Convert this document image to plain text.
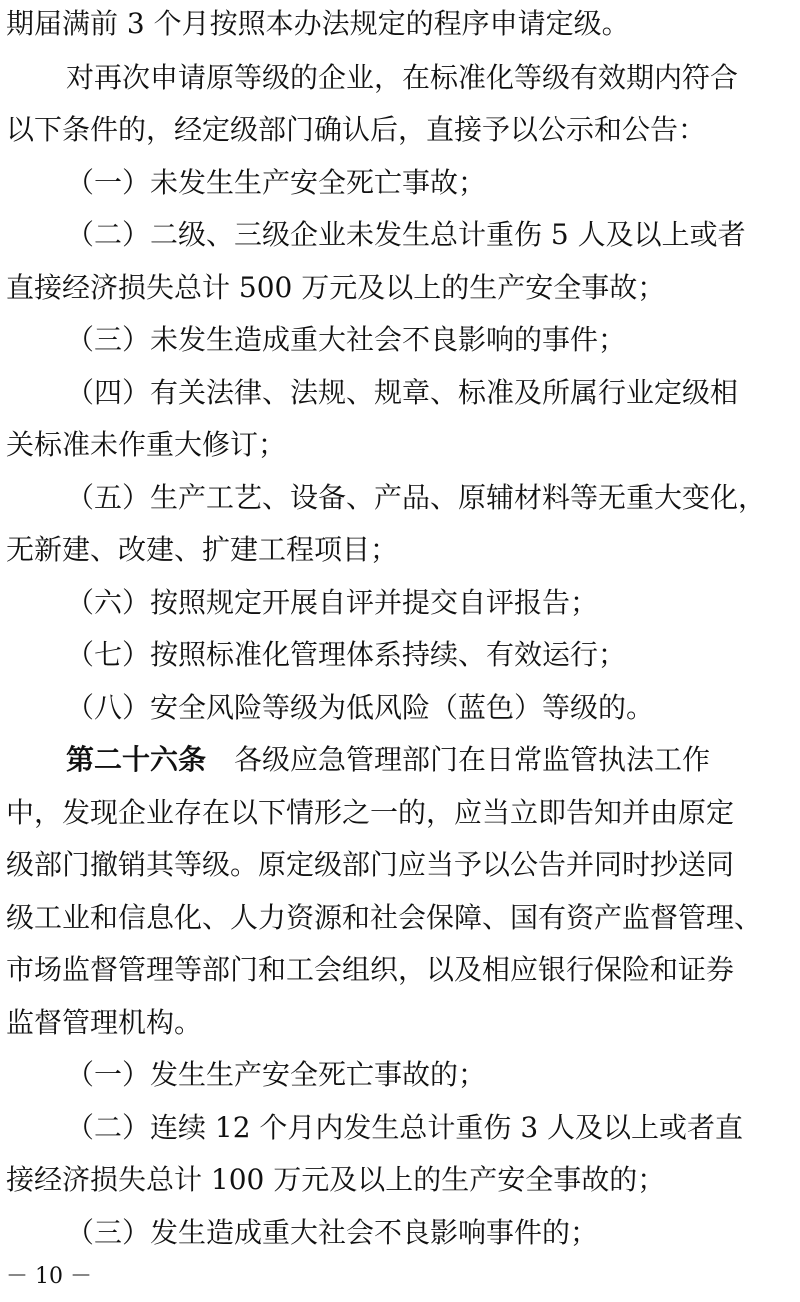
期届满前 3 个月按照本办法规定的程序申请定级。
对再次申请原等级的企业，在标准化等级有效期内符合
以下条件的，经定级部门确认后，直接予以公示和公告：
（一）未发生生产安全死亡事故；
（二）二级、三级企业未发生总计重伤 5 人及以上或者
直接经济损失总计 500 万元及以上的生产安全事故；
（三）未发生造成重大社会不良影响的事件；
（四）有关法律、法规、规章、标准及所属行业定级相
关标准未作重大修订；
（五）生产工艺、设备、产品、原辅材料等无重大变化，
无新建、改建、扩建工程项目；
（六）按照规定开展自评并提交自评报告；
（七）按照标准化管理体系持续、有效运行；
（八）安全风险等级为低风险（蓝色）等级的。
第二十六条 各级应急管理部门在日常监管执法工作
中，发现企业存在以下情形之一的，应当立即告知并由原定
级部门撤销其等级。原定级部门应当予以公告并同时抄送同
级工业和信息化、人力资源和社会保障、国有资产监督管理、
市场监督管理等部门和工会组织，以及相应银行保险和证券
监督管理机构。
（一）发生生产安全死亡事故的；
（二）连续 12 个月内发生总计重伤 3 人及以上或者直
接经济损失总计 100 万元及以上的生产安全事故的；
（三）发生造成重大社会不良影响事件的；
－ 10 －
